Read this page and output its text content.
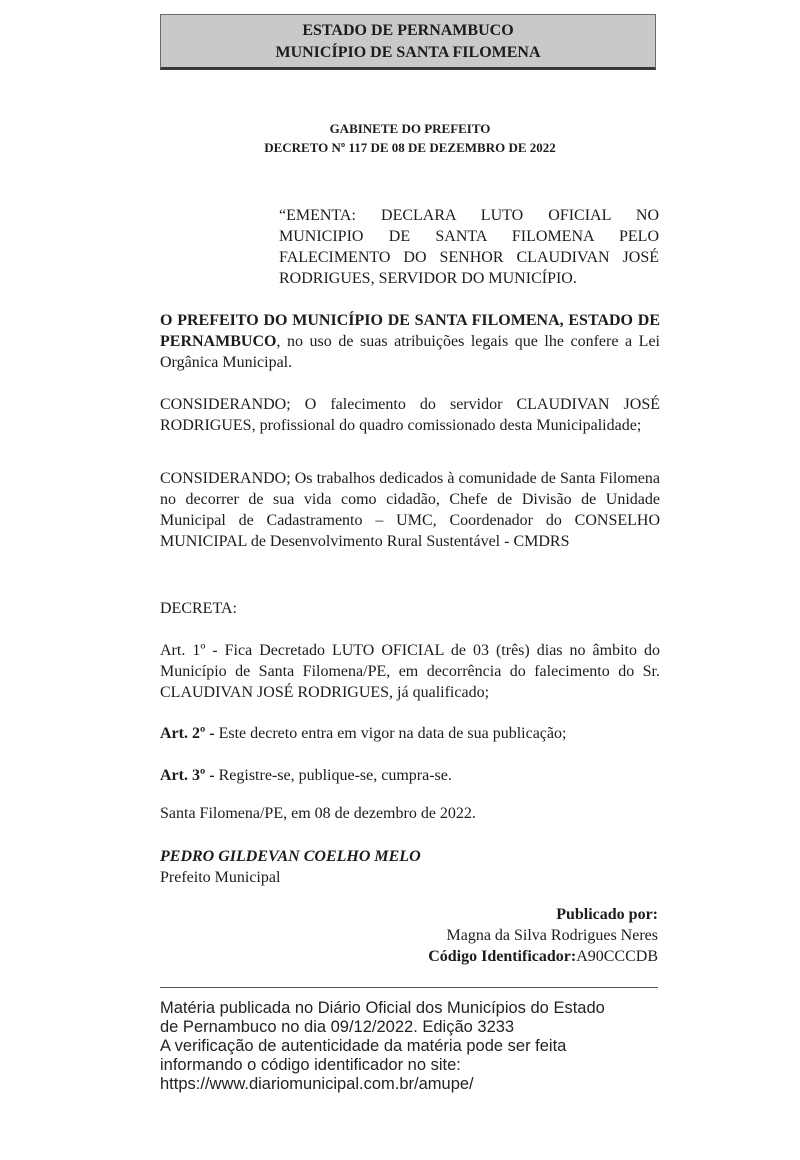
ESTADO DE PERNAMBUCO
MUNICÍPIO DE SANTA FILOMENA
GABINETE DO PREFEITO
DECRETO Nº 117 DE 08 DE DEZEMBRO DE 2022
“EMENTA: DECLARA LUTO OFICIAL NO MUNICIPIO DE SANTA FILOMENA PELO FALECIMENTO DO SENHOR CLAUDIVAN JOSÉ RODRIGUES, SERVIDOR DO MUNICÍPIO.
O PREFEITO DO MUNICÍPIO DE SANTA FILOMENA, ESTADO DE PERNAMBUCO, no uso de suas atribuições legais que lhe confere a Lei Orgânica Municipal.
CONSIDERANDO; O falecimento do servidor CLAUDIVAN JOSÉ RODRIGUES, profissional do quadro comissionado desta Municipalidade;
CONSIDERANDO; Os trabalhos dedicados à comunidade de Santa Filomena no decorrer de sua vida como cidadão, Chefe de Divisão de Unidade Municipal de Cadastramento – UMC, Coordenador do CONSELHO MUNICIPAL de Desenvolvimento Rural Sustentável - CMDRS
DECRETA:
Art. 1º - Fica Decretado LUTO OFICIAL de 03 (três) dias no âmbito do Município de Santa Filomena/PE, em decorrência do falecimento do Sr. CLAUDIVAN JOSÉ RODRIGUES, já qualificado;
Art. 2º - Este decreto entra em vigor na data de sua publicação;
Art. 3º - Registre-se, publique-se, cumpra-se.
Santa Filomena/PE, em 08 de dezembro de 2022.
PEDRO GILDEVAN COELHO MELO
Prefeito Municipal
Publicado por:
Magna da Silva Rodrigues Neres
Código Identificador:A90CCCDB
Matéria publicada no Diário Oficial dos Municípios do Estado
de Pernambuco no dia 09/12/2022. Edição 3233
A verificação de autenticidade da matéria pode ser feita
informando o código identificador no site:
https://www.diariomunicipal.com.br/amupe/
